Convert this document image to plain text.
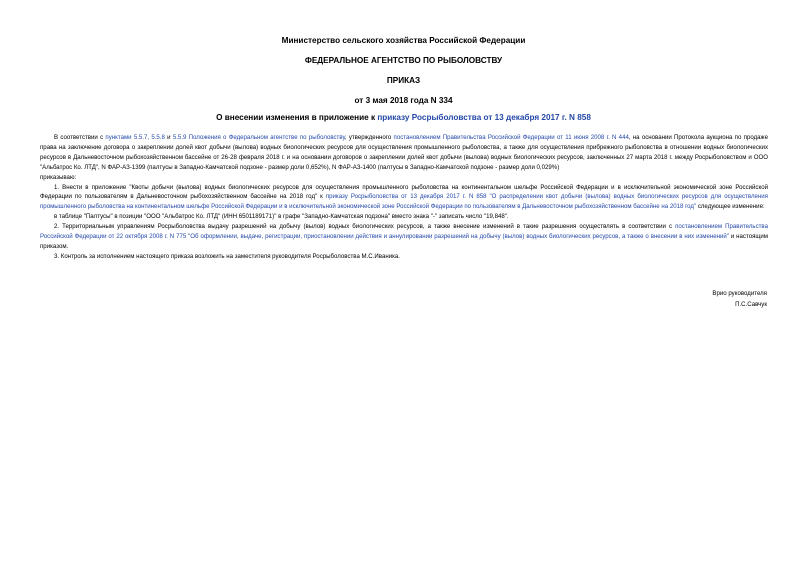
Министерство сельского хозяйства Российской Федерации
ФЕДЕРАЛЬНОЕ АГЕНТСТВО ПО РЫБОЛОВСТВУ
ПРИКАЗ
от 3 мая 2018 года N 334
О внесении изменения в приложение к приказу Росрыболовства от 13 декабря 2017 г. N 858

В соответствии с пунктами 5.5.7, 5.5.8 и 5.5.9 Положения о Федеральном агентстве по рыболовству, утвержденного постановлением Правительства Российской Федерации от 11 июня 2008 г. N 444, на основании Протокола аукциона по продаже права на заключение договора о закреплении долей квот добычи (вылова) водных биологических ресурсов для осуществления промышленного рыболовства, а также для осуществления прибрежного рыболовства в отношении водных биологических ресурсов в Дальневосточном рыбохозяйственном бассейне от 26-28 февраля 2018 г. и на основании договоров о закреплении долей квот добычи (вылова) водных биологических ресурсов, заключенных 27 марта 2018 г. между Росрыболовством и ООО "Альбатрос Ко. ЛТД", N ФАР-АЗ-1399 (палтусы в Западно-Камчатской подзоне - размер доли 0,652%), N ФАР-АЗ-1400 (палтусы в Западно-Камчатской подзоне - размер доли 0,029%)

приказываю:

1. Внести в приложение "Квоты добычи (вылова) водных биологических ресурсов для осуществления промышленного рыболовства на континентальном шельфе Российской Федерации и в исключительной экономической зоне Российской Федерации по пользователям в Дальневосточном рыбохозяйственном бассейне на 2018 год" к приказу Росрыболовства от 13 декабря 2017 г. N 858 "О распределении квот добычи (вылова) водных биологических ресурсов для осуществления промышленного рыболовства на континентальном шельфе Российской Федерации и в исключительной экономической зоне Российской Федерации по пользователям в Дальневосточном рыбохозяйственном бассейне на 2018 год" следующее изменение:

в таблице "Палтусы" в позиции "ООО "Альбатрос Ко. ЛТД" (ИНН 6501189171)" в графе "Западно-Камчатская подзона" вместо знака "-" записать число "19,848".

2. Территориальным управлениям Росрыболовства выдачу разрешений на добычу (вылов) водных биологических ресурсов, а также внесение изменений в такие разрешения осуществлять в соответствии с постановлением Правительства Российской Федерации от 22 октября 2008 г. N 775 "Об оформлении, выдаче, регистрации, приостановлении действия и аннулировании разрешений на добычу (вылов) водных биологических ресурсов, а также о внесении в них изменений" и настоящим приказом.

3. Контроль за исполнением настоящего приказа возложить на заместителя руководителя Росрыболовства М.С.Иваника.

Врио руководителя
П.С.Савчук
